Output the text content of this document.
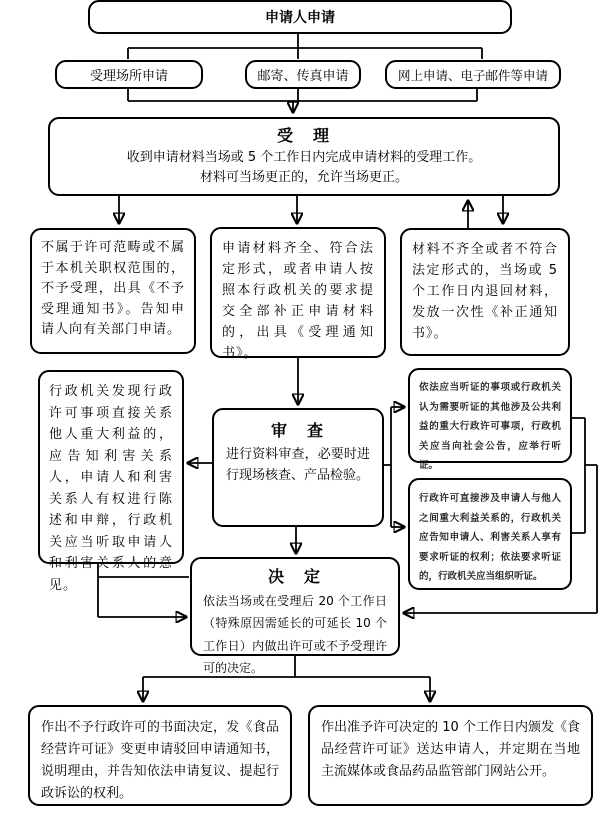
申请人申请
受理场所申请	邮寄、传真申请	网上申请、电子邮件等申请
受　理
收到申请材料当场或 5 个工作日内完成申请材料的受理工作。
材料可当场更正的，允许当场更正。
不属于许可范畴或不属于本机关职权范围的，不予受理，出具《不予受理通知书》。告知申请人向有关部门申请。
申请材料齐全、符合法定形式，或者申请人按照本行政机关的要求提交全部补正申请材料的，出具《受理通知书》。
材料不齐全或者不符合法定形式的，当场或 5 个工作日内退回材料，发放一次性《补正通知书》。
行政机关发现行政许可事项直接关系他人重大利益的，应告知利害关系人，申请人和利害关系人有权进行陈述和申辩，行政机关应当听取申请人和利害关系人的意见。
审　查
进行资料审查，必要时进行现场核查、产品检验。
依法应当听证的事项或行政机关认为需要听证的其他涉及公共利益的重大行政许可事项，行政机关应当向社会公告，应举行听证。
行政许可直接涉及申请人与他人之间重大利益关系的，行政机关应告知申请人、利害关系人享有要求听证的权利；依法要求听证的，行政机关应当组织听证。
决　定
依法当场或在受理后 20 个工作日（特殊原因需延长的可延长 10 个工作日）内做出许可或不予受理许可的决定。
作出不予行政许可的书面决定，发《食品经营许可证》变更申请驳回申请通知书，说明理由，并告知依法申请复议、提起行政诉讼的权利。
作出准予许可决定的 10 个工作日内颁发《食品经营许可证》送达申请人，并定期在当地主流媒体或食品药品监管部门网站公开。
